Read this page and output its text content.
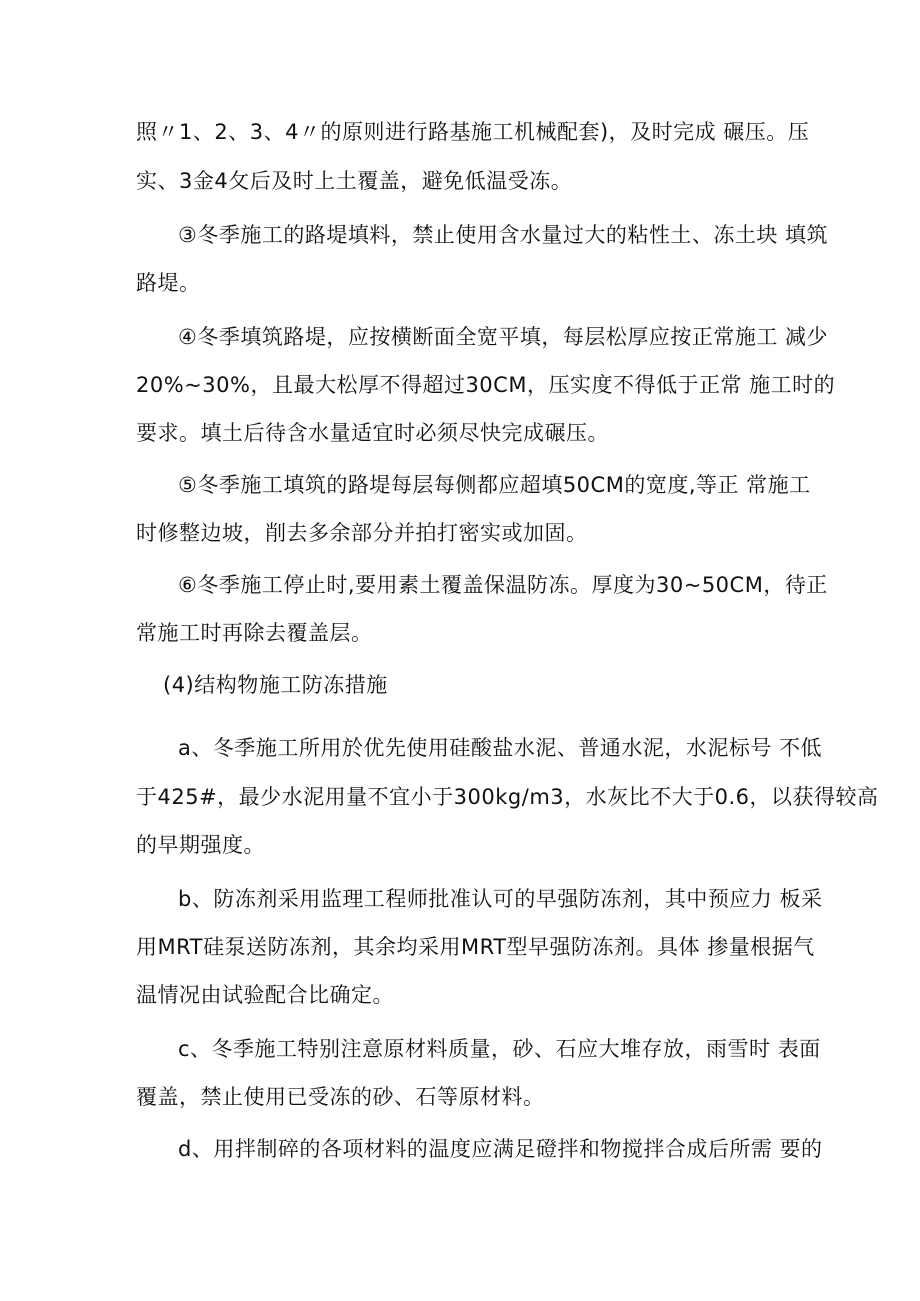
照〃1、2、3、4〃的原则进行路基施工机械配套)，及时完成 碾压。压
实、3金4攵后及时上土覆盖，避免低温受冻。
③冬季施工的路堤填料，禁止使用含水量过大的粘性土、冻土块 填筑
路堤。
④冬季填筑路堤，应按横断面全宽平填，每层松厚应按正常施工 减少
20%~30%，且最大松厚不得超过30CM，压实度不得低于正常 施工时的
要求。填土后待含水量适宜时必须尽快完成碾压。
⑤冬季施工填筑的路堤每层每侧都应超填50CM的宽度,等正 常施工
时修整边坡，削去多余部分并拍打密实或加固。
⑥冬季施工停止时,要用素土覆盖保温防冻。厚度为30~50CM，待正
常施工时再除去覆盖层。
(4)结构物施工防冻措施
a、冬季施工所用於优先使用硅酸盐水泥、普通水泥，水泥标号 不低
于425#，最少水泥用量不宜小于300kg/m3，水灰比不大于0.6，以获得较高
的早期强度。
b、防冻剂采用监理工程师批准认可的早强防冻剂，其中预应力 板采
用MRT硅泵送防冻剂，其余均采用MRT型早强防冻剂。具体 掺量根据气
温情况由试验配合比确定。
c、冬季施工特别注意原材料质量，砂、石应大堆存放，雨雪时 表面
覆盖，禁止使用已受冻的砂、石等原材料。
d、用拌制碎的各项材料的温度应满足磴拌和物搅拌合成后所需 要的
